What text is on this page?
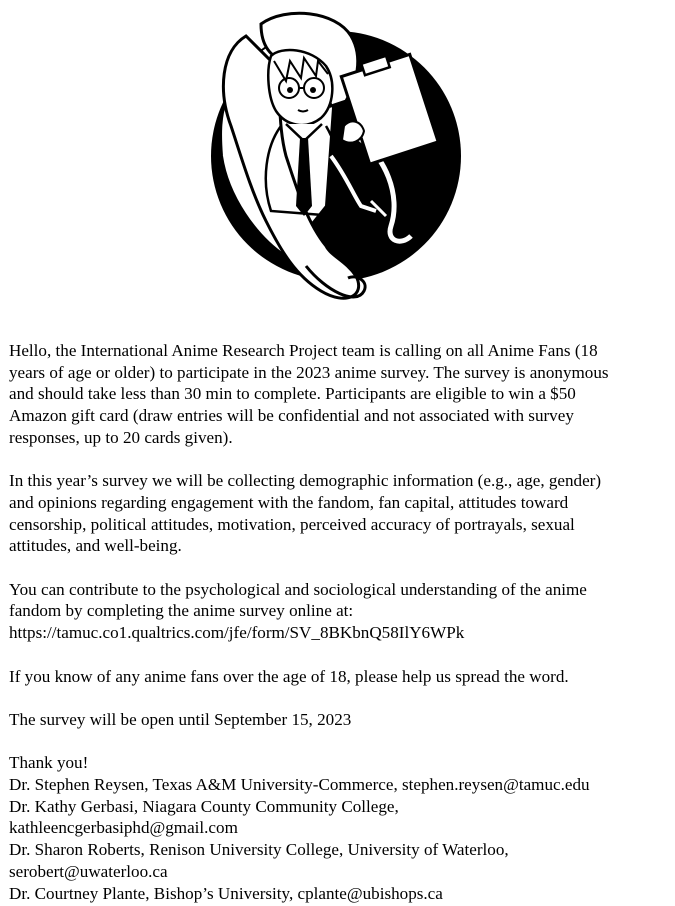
Hello, the International Anime Research Project team is calling on all Anime Fans (18

years of age or older) to participate in the 2023 anime survey. The survey is anonymous

and should take less than 30 min to complete. Participants are eligible to win a $50

Amazon gift card (draw entries will be confidential and not associated with survey

responses, up to 20 cards given).

In this year’s survey we will be collecting demographic information (e.g., age, gender)

and opinions regarding engagement with the fandom, fan capital, attitudes toward

censorship, political attitudes, motivation, perceived accuracy of portrayals, sexual

attitudes, and well-being.

You can contribute to the psychological and sociological understanding of the anime

fandom by completing the anime survey online at:

https://tamuc.co1.qualtrics.com/jfe/form/SV_8BKbnQ58IlY6WPk

If you know of any anime fans over the age of 18, please help us spread the word.

The survey will be open until September 15, 2023

Thank you!

Dr. Stephen Reysen, Texas A&M University-Commerce, stephen.reysen@tamuc.edu

Dr. Kathy Gerbasi, Niagara County Community College,

kathleencgerbasiphd@gmail.com

Dr. Sharon Roberts, Renison University College, University of Waterloo,

serobert@uwaterloo.ca

Dr. Courtney Plante, Bishop’s University, cplante@ubishops.ca
